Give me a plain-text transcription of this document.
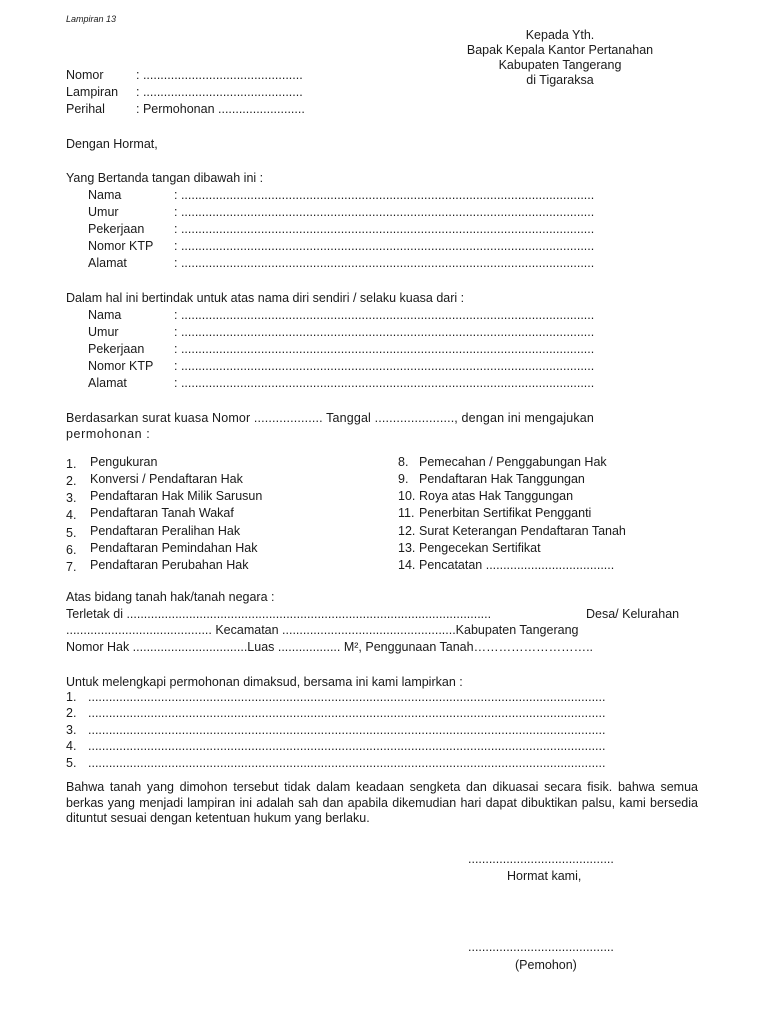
Lampiran 13
Kepada Yth.
Bapak Kepala Kantor Pertanahan
Kabupaten Tangerang
di Tigaraksa
Nomor	: ..............................................
Lampiran : ..............................................
Perihal : Permohonan .........................
Dengan Hormat,
Yang Bertanda tangan dibawah ini :
Nama	: .......................................................................................................................
Umur	: .......................................................................................................................
Pekerjaan : .......................................................................................................................
Nomor KTP : .......................................................................................................................
Alamat	: .......................................................................................................................
Dalam hal ini bertindak untuk atas nama diri sendiri / selaku kuasa dari :
Nama	: .......................................................................................................................
Umur	: .......................................................................................................................
Pekerjaan : .......................................................................................................................
Nomor KTP : .......................................................................................................................
Alamat	: .......................................................................................................................
Berdasarkan surat kuasa Nomor ................... Tanggal ......................, dengan ini mengajukan
permohonan :
1. Pengukuran
2. Konversi / Pendaftaran Hak
3. Pendaftaran Hak Milik Sarusun
4. Pendaftaran Tanah Wakaf
5. Pendaftaran Peralihan Hak
6. Pendaftaran Pemindahan Hak
7. Pendaftaran Perubahan Hak
8. Pemecahan / Penggabungan Hak
9. Pendaftaran Hak Tanggungan
10. Roya atas Hak Tanggungan
11. Penerbitan Sertifikat Pengganti
12. Surat Keterangan Pendaftaran Tanah
13. Pengecekan Sertifikat
14. Pencatatan .....................................
Atas bidang tanah hak/tanah negara :
Terletak di .........................................................................................................	Desa/ Kelurahan
.......................................... Kecamatan ..................................................Kabupaten Tangerang
Nomor Hak .................................Luas .................. M², Penggunaan Tanah………………………..
Untuk melengkapi permohonan dimaksud, bersama ini kami lampirkan :
1. .....................................................................................................................................................
2. .....................................................................................................................................................
3. .....................................................................................................................................................
4. .....................................................................................................................................................
5. .....................................................................................................................................................
Bahwa tanah yang dimohon tersebut tidak dalam keadaan sengketa dan dikuasai secara fisik. bahwa semua berkas yang menjadi lampiran ini adalah sah dan apabila dikemudian hari dapat dibuktikan palsu, kami bersedia dituntut sesuai dengan ketentuan hukum yang berlaku.
..........................................
Hormat kami,
..........................................
(Pemohon)
